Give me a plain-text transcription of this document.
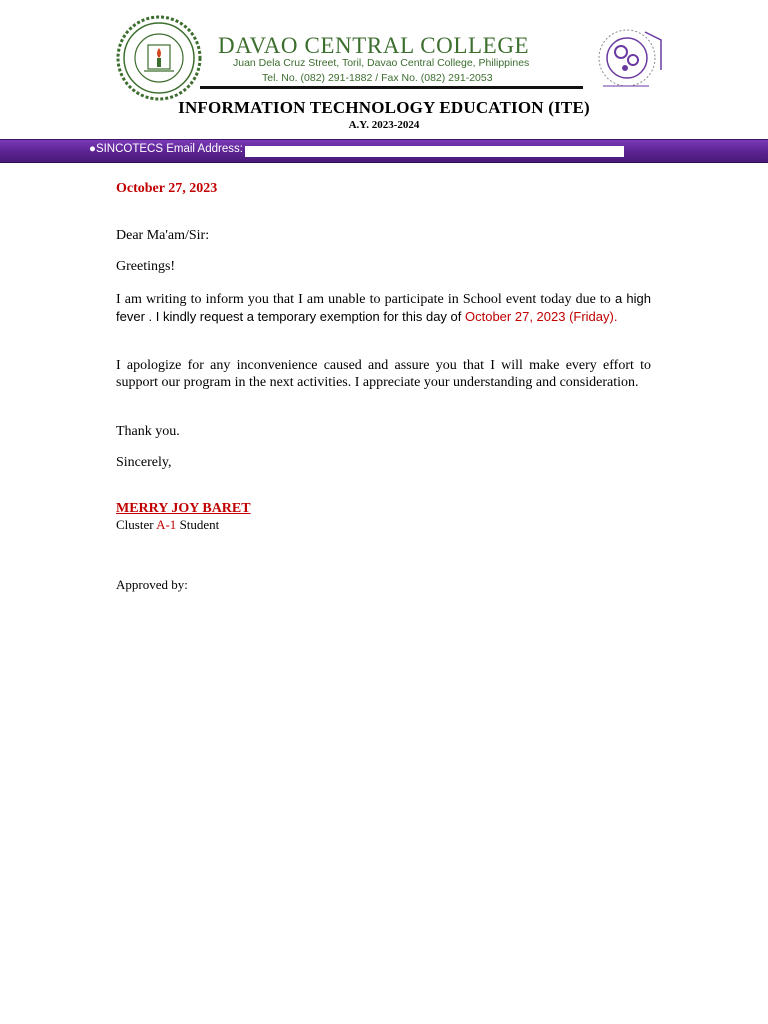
DAVAO CENTRAL COLLEGE
Juan Dela Cruz Street, Toril, Davao Central College, Philippines
Tel. No. (082) 291-1882 / Fax No. (082) 291-2053
INFORMATION TECHNOLOGY EDUCATION (ITE)
A.Y. 2023-2024
●SINCOTECS Email Address:
October 27, 2023
Dear Ma'am/Sir:
Greetings!
I am writing to inform you that I am unable to participate in School event today due to a high fever . I kindly request a temporary exemption for this day of October 27, 2023 (Friday).
I apologize for any inconvenience caused and assure you that I will make every effort to support our program in the next activities. I appreciate your understanding and consideration.
Thank you.
Sincerely,
MERRY JOY BARET
Cluster A-1 Student
Approved by:
